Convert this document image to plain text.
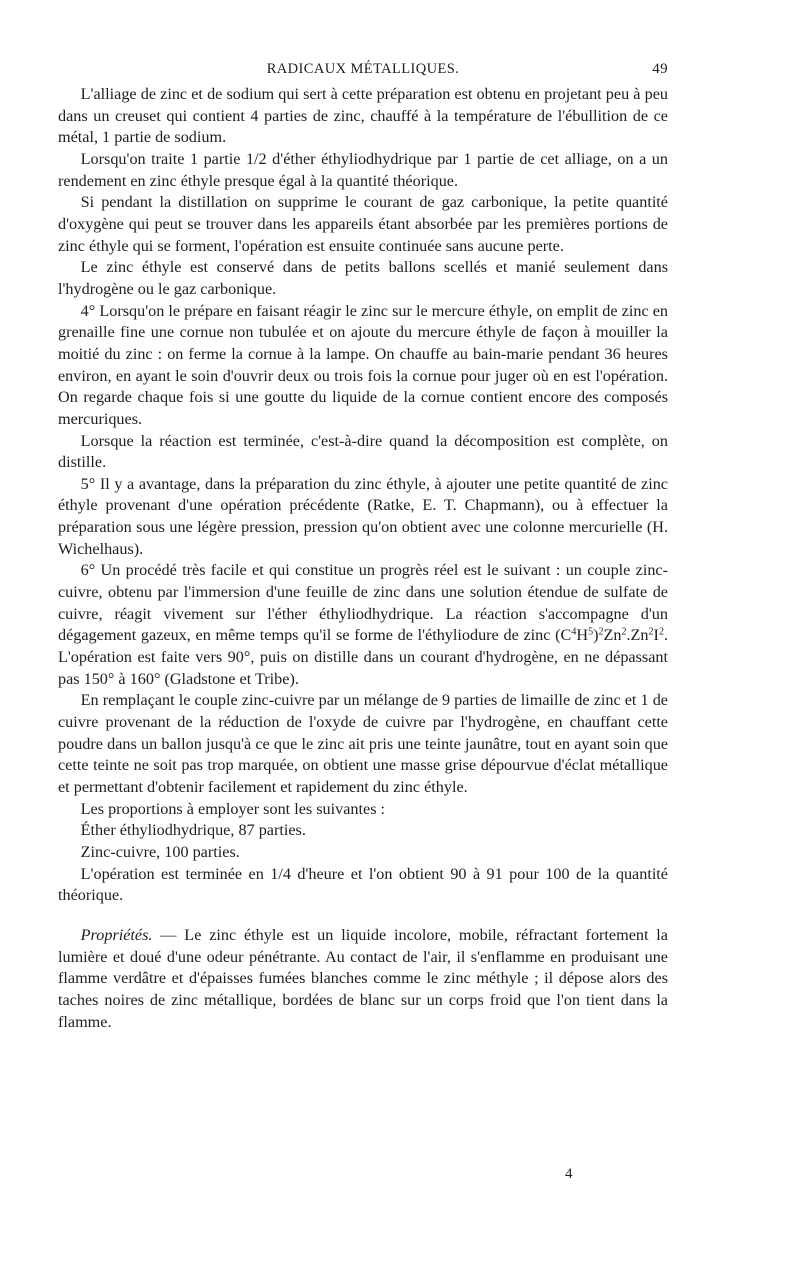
RADICAUX MÉTALLIQUES.	49

L'alliage de zinc et de sodium qui sert à cette préparation est obtenu en projetant peu à peu dans un creuset qui contient 4 parties de zinc, chauffé à la température de l'ébullition de ce métal, 1 partie de sodium.

Lorsqu'on traite 1 partie 1/2 d'éther éthyliodhydrique par 1 partie de cet alliage, on a un rendement en zinc éthyle presque égal à la quantité théorique.

Si pendant la distillation on supprime le courant de gaz carbonique, la petite quantité d'oxygène qui peut se trouver dans les appareils étant absorbée par les premières portions de zinc éthyle qui se forment, l'opération est ensuite continuée sans aucune perte.

Le zinc éthyle est conservé dans de petits ballons scellés et manié seulement dans l'hydrogène ou le gaz carbonique.

4° Lorsqu'on le prépare en faisant réagir le zinc sur le mercure éthyle, on emplit de zinc en grenaille fine une cornue non tubulée et on ajoute du mercure éthyle de façon à mouiller la moitié du zinc : on ferme la cornue à la lampe. On chauffe au bain-marie pendant 36 heures environ, en ayant le soin d'ouvrir deux ou trois fois la cornue pour juger où en est l'opération. On regarde chaque fois si une goutte du liquide de la cornue contient encore des composés mercuriques.

Lorsque la réaction est terminée, c'est-à-dire quand la décomposition est complète, on distille.

5° Il y a avantage, dans la préparation du zinc éthyle, à ajouter une petite quantité de zinc éthyle provenant d'une opération précédente (Ratke, E. T. Chapmann), ou à effectuer la préparation sous une légère pression, pression qu'on obtient avec une colonne mercurielle (H. Wichelhaus).

6° Un procédé très facile et qui constitue un progrès réel est le suivant : un couple zinc-cuivre, obtenu par l'immersion d'une feuille de zinc dans une solution étendue de sulfate de cuivre, réagit vivement sur l'éther éthyliodhydrique. La réaction s'accompagne d'un dégagement gazeux, en même temps qu'il se forme de l'éthyliodure de zinc $(C^4H^5)^2Zn^2.Zn^2I^2$. L'opération est faite vers 90°, puis on distille dans un courant d'hydrogène, en ne dépassant pas 150° à 160° (Gladstone et Tribe).

En remplaçant le couple zinc-cuivre par un mélange de 9 parties de limaille de zinc et 1 de cuivre provenant de la réduction de l'oxyde de cuivre par l'hydrogène, en chauffant cette poudre dans un ballon jusqu'à ce que le zinc ait pris une teinte jaunâtre, tout en ayant soin que cette teinte ne soit pas trop marquée, on obtient une masse grise dépourvue d'éclat métallique et permettant d'obtenir facilement et rapidement du zinc éthyle.

Les proportions à employer sont les suivantes :

Éther éthyliodhydrique, 87 parties.

Zinc-cuivre, 100 parties.

L'opération est terminée en 1/4 d'heure et l'on obtient 90 à 91 pour 100 de la quantité théorique.

Propriétés. — Le zinc éthyle est un liquide incolore, mobile, réfractant fortement la lumière et doué d'une odeur pénétrante. Au contact de l'air, il s'enflamme en produisant une flamme verdâtre et d'épaisses fumées blanches comme le zinc méthyle ; il dépose alors des taches noires de zinc métallique, bordées de blanc sur un corps froid que l'on tient dans la flamme.

4
